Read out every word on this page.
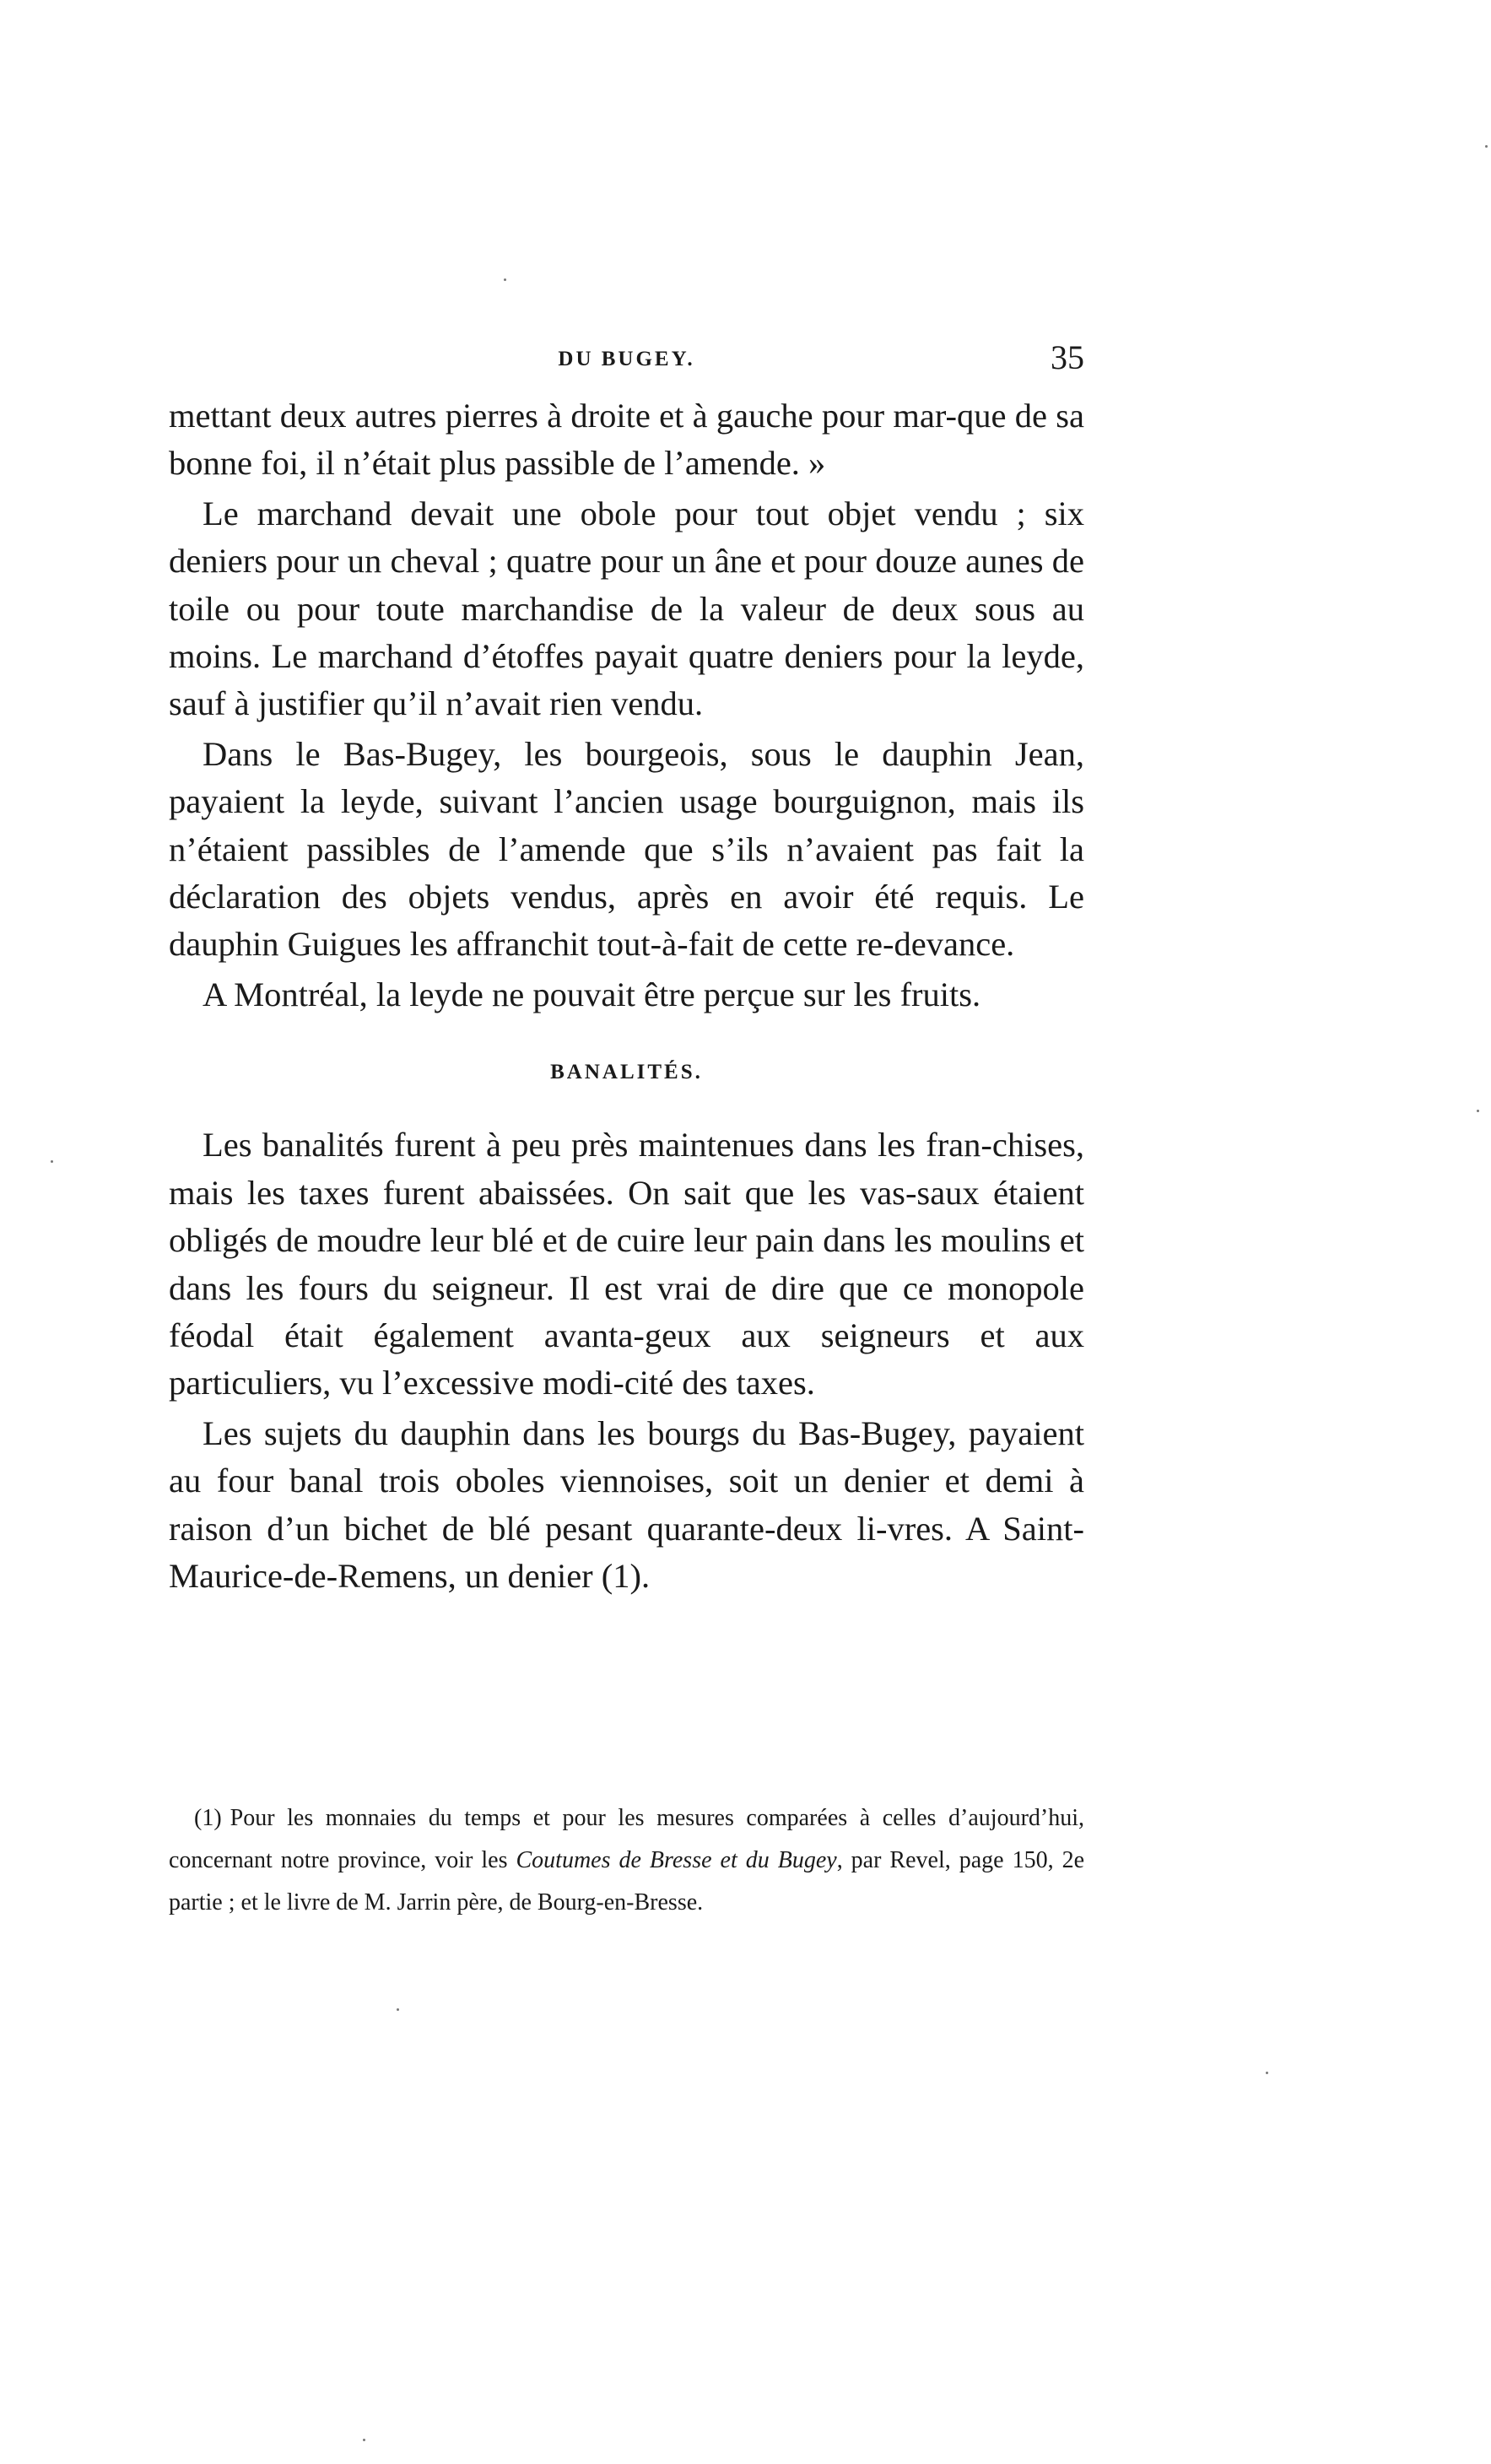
DU BUGEY.	35

mettant deux autres pierres à droite et à gauche pour mar-que de sa bonne foi, il n’était plus passible de l’amende. »

Le marchand devait une obole pour tout objet vendu ; six deniers pour un cheval ; quatre pour un âne et pour douze aunes de toile ou pour toute marchandise de la valeur de deux sous au moins. Le marchand d’étoffes payait quatre deniers pour la leyde, sauf à justifier qu’il n’avait rien vendu.

Dans le Bas-Bugey, les bourgeois, sous le dauphin Jean, payaient la leyde, suivant l’ancien usage bourguignon, mais ils n’étaient passibles de l’amende que s’ils n’avaient pas fait la déclaration des objets vendus, après en avoir été requis. Le dauphin Guigues les affranchit tout-à-fait de cette re-devance.

A Montréal, la leyde ne pouvait être perçue sur les fruits.

BANALITÉS.

Les banalités furent à peu près maintenues dans les fran-chises, mais les taxes furent abaissées. On sait que les vas-saux étaient obligés de moudre leur blé et de cuire leur pain dans les moulins et dans les fours du seigneur. Il est vrai de dire que ce monopole féodal était également avanta-geux aux seigneurs et aux particuliers, vu l’excessive modi-cité des taxes.

Les sujets du dauphin dans les bourgs du Bas-Bugey, payaient au four banal trois oboles viennoises, soit un denier et demi à raison d’un bichet de blé pesant quarante-deux li-vres. A Saint-Maurice-de-Remens, un denier (1).

(1) Pour les monnaies du temps et pour les mesures comparées à celles d’aujourd’hui, concernant notre province, voir les Coutumes de Bresse et du Bugey, par Revel, page 150, 2e partie ; et le livre de M. Jarrin père, de Bourg-en-Bresse.
